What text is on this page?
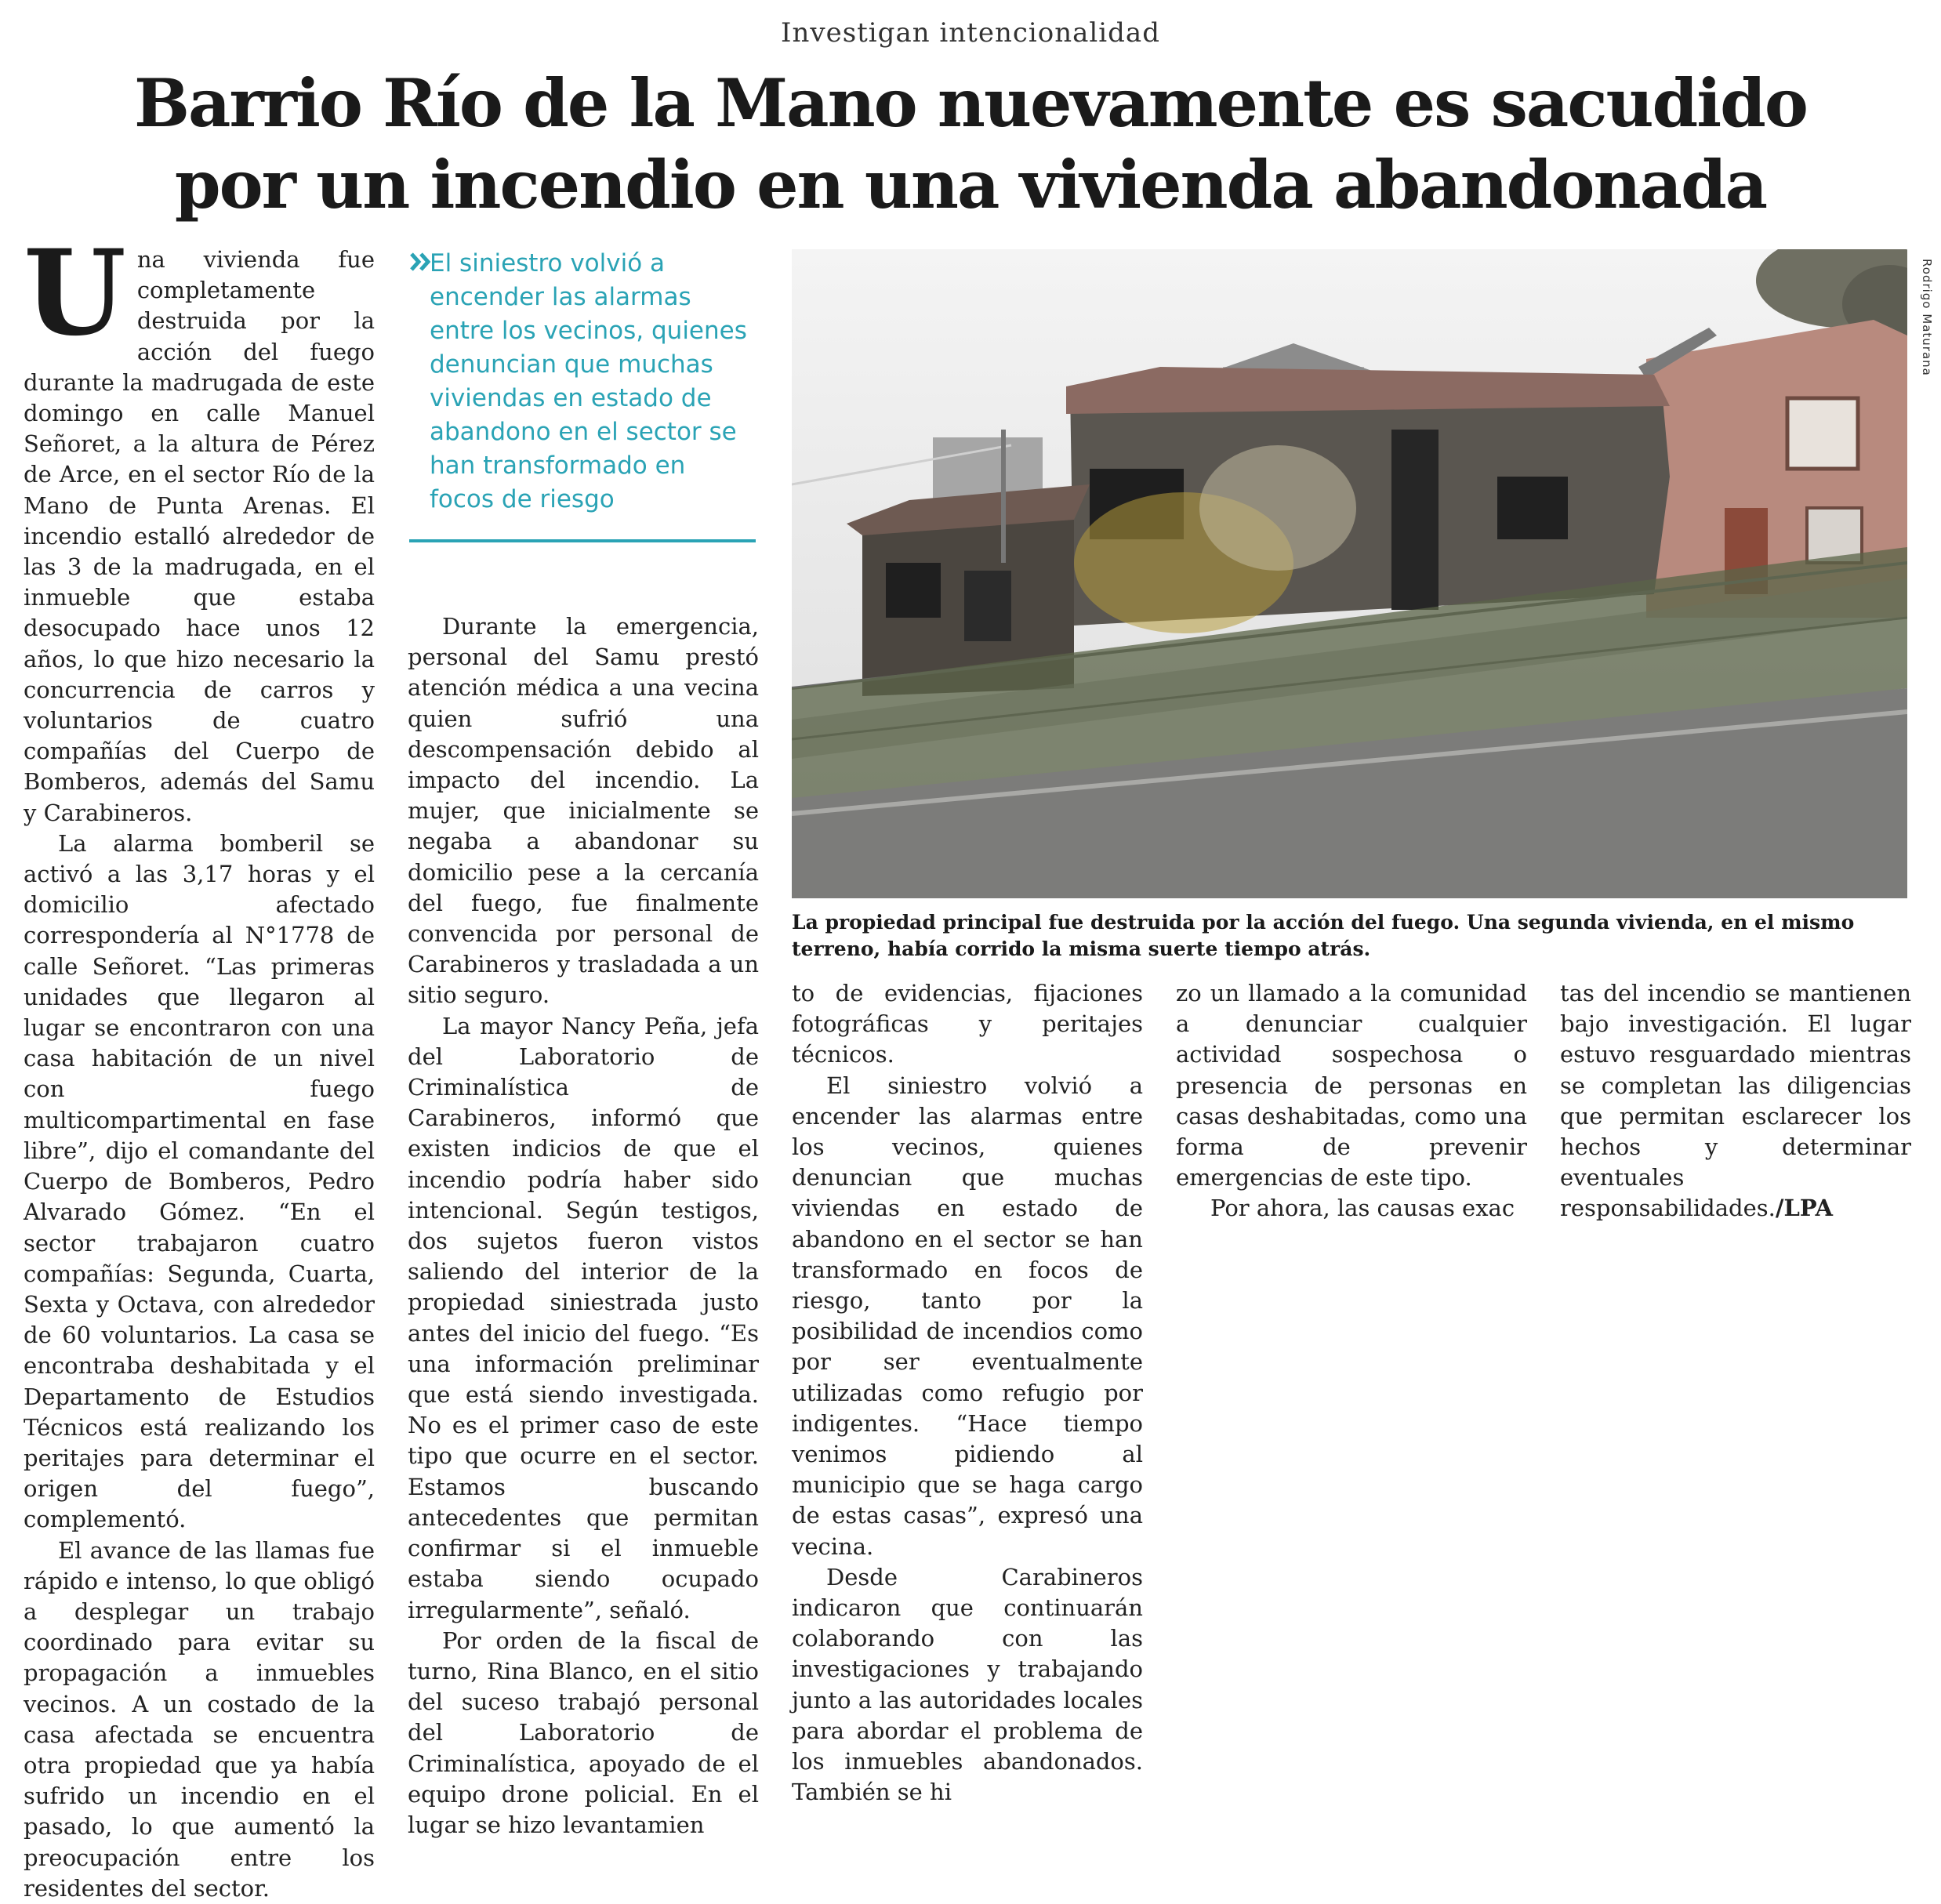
Investigan intencionalidad
Barrio Río de la Mano nuevamente es sacudido por un incendio en una vivienda abandonada

Una vivienda fue completamente destruida por la acción del fuego durante la madrugada de este domingo en calle Manuel Señoret, a la altura de Pérez de Arce, en el sector Río de la Mano de Punta Arenas. El incendio estalló alrededor de las 3 de la madrugada, en el inmueble que estaba desocupado hace unos 12 años, lo que hizo necesario la concurrencia de carros y voluntarios de cuatro compañías del Cuerpo de Bomberos, además del Samu y Carabineros.

La alarma bomberil se activó a las 3,17 horas y el domicilio afectado correspondería al N°1778 de calle Señoret. “Las primeras unidades que llegaron al lugar se encontraron con una casa habitación de un nivel con fuego multicompartimental en fase libre”, dijo el comandante del Cuerpo de Bomberos, Pedro Alvarado Gómez. “En el sector trabajaron cuatro compañías: Segunda, Cuarta, Sexta y Octava, con alrededor de 60 voluntarios. La casa se encontraba deshabitada y el Departamento de Estudios Técnicos está realizando los peritajes para determinar el origen del fuego”, complementó.

El avance de las llamas fue rápido e intenso, lo que obligó a desplegar un trabajo coordinado para evitar su propagación a inmuebles vecinos. A un costado de la casa afectada se encuentra otra propiedad que ya había sufrido un incendio en el pasado, lo que aumentó la preocupación entre los residentes del sector.

El siniestro volvió a encender las alarmas entre los vecinos, quienes denuncian que muchas viviendas en estado de abandono en el sector se han transformado en focos de riesgo

Durante la emergencia, personal del Samu prestó atención médica a una vecina quien sufrió una descompensación debido al impacto del incendio. La mujer, que inicialmente se negaba a abandonar su domicilio pese a la cercanía del fuego, fue finalmente convencida por personal de Carabineros y trasladada a un sitio seguro.

La mayor Nancy Peña, jefa del Laboratorio de Criminalística de Carabineros, informó que existen indicios de que el incendio podría haber sido intencional. Según testigos, dos sujetos fueron vistos saliendo del interior de la propiedad siniestrada justo antes del inicio del fuego. “Es una información preliminar que está siendo investigada. No es el primer caso de este tipo que ocurre en el sector. Estamos buscando antecedentes que permitan confirmar si el inmueble estaba siendo ocupado irregularmente”, señaló.

Por orden de la fiscal de turno, Rina Blanco, en el sitio del suceso trabajó personal del Laboratorio de Criminalística, apoyado de el equipo drone policial. En el lugar se hizo levantamien

Rodrigo Maturana
La propiedad principal fue destruida por la acción del fuego. Una segunda vivienda, en el mismo terreno, había corrido la misma suerte tiempo atrás.

to de evidencias, fijaciones fotográficas y peritajes técnicos.

El siniestro volvió a encender las alarmas entre los vecinos, quienes denuncian que muchas viviendas en estado de abandono en el sector se han transformado en focos de riesgo, tanto por la posibilidad de incendios como por ser eventualmente utilizadas como refugio por indigentes. “Hace tiempo venimos pidiendo al municipio que se haga cargo de estas casas”, expresó una vecina.

Desde Carabineros indicaron que continuarán colaborando con las investigaciones y trabajando junto a las autoridades locales para abordar el problema de los inmuebles abandonados. También se hi

zo un llamado a la comunidad a denunciar cualquier actividad sospechosa o presencia de personas en casas deshabitadas, como una forma de prevenir emergencias de este tipo.

Por ahora, las causas exac

tas del incendio se mantienen bajo investigación. El lugar estuvo resguardado mientras se completan las diligencias que permitan esclarecer los hechos y determinar eventuales responsabilidades./LPA
